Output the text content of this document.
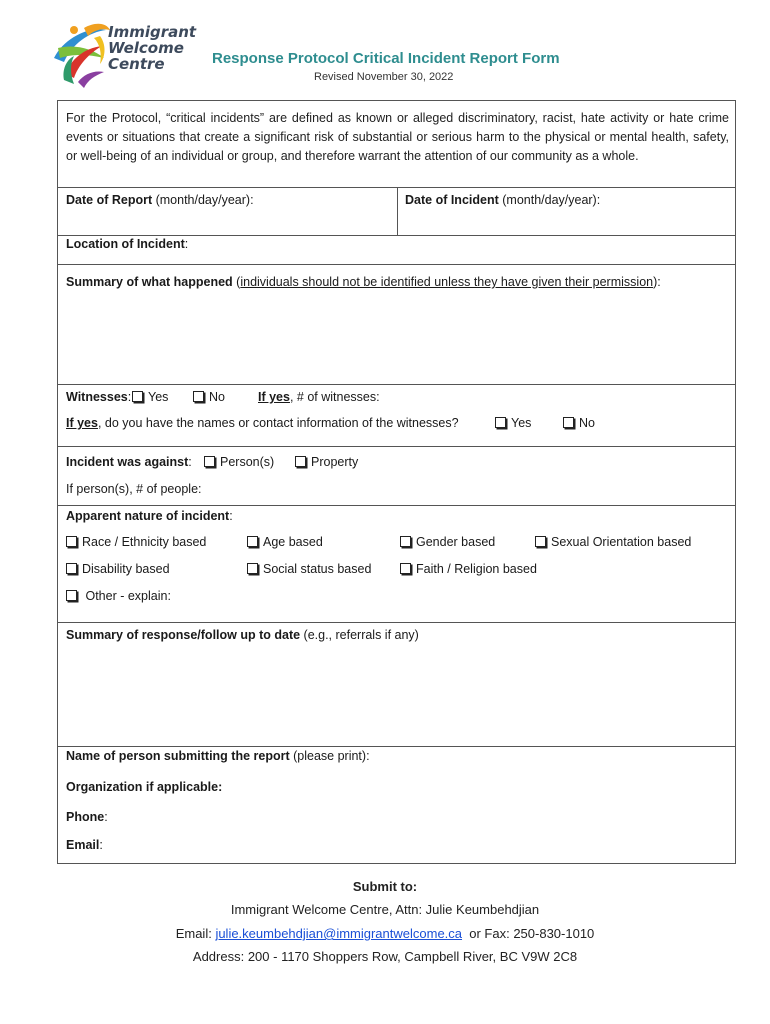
Immigrant
Welcome
Centre	Response Protocol Critical Incident Report Form
Revised November 30, 2022
For the Protocol, “critical incidents” are defined as known or alleged discriminatory, racist, hate activity or hate crime events or situations that create a significant risk of substantial or serious harm to the physical or mental health, safety, or well-being of an individual or group, and therefore warrant the attention of our community as a whole.
Date of Report (month/day/year):	Date of Incident (month/day/year):
Location of Incident:
Summary of what happened (individuals should not be identified unless they have given their permission):
Witnesses:	Yes	No	If yes, # of witnesses:
If yes, do you have the names or contact information of the witnesses?	Yes	No
Incident was against:	Person(s)	Property
If person(s), # of people:
Apparent nature of incident:
Race / Ethnicity based	Age based	Gender based	Sexual Orientation based
Disability based	Social status based	Faith / Religion based
Other - explain:
Summary of response/follow up to date (e.g., referrals if any)
Name of person submitting the report (please print):
Organization if applicable:
Phone:
Email:
Submit to:
Immigrant Welcome Centre, Attn: Julie Keumbehdjian
Email: julie.keumbehdjian@immigrantwelcome.ca  or Fax: 250-830-1010
Address: 200 - 1170 Shoppers Row, Campbell River, BC V9W 2C8
